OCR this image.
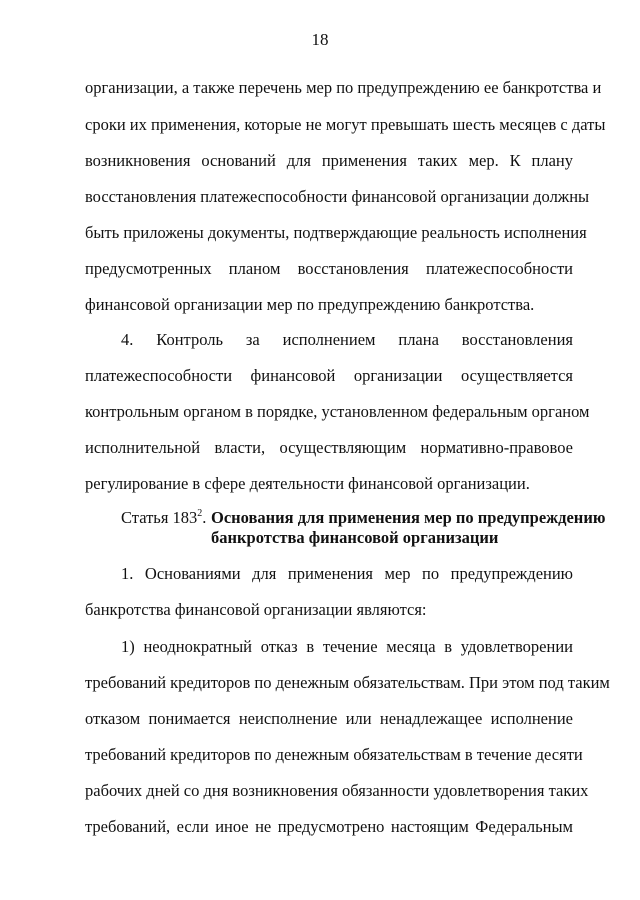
18
организации, а также перечень мер по предупреждению ее банкротства и
сроки их применения, которые не могут превышать шесть месяцев с даты
возникновения оснований для применения таких мер. К плану
восстановления платежеспособности финансовой организации должны
быть приложены документы, подтверждающие реальность исполнения
предусмотренных планом восстановления платежеспособности
финансовой организации мер по предупреждению банкротства.
4. Контроль за исполнением плана восстановления
платежеспособности финансовой организации осуществляется
контрольным органом в порядке, установленном федеральным органом
исполнительной власти, осуществляющим нормативно-правовое
регулирование в сфере деятельности финансовой организации.
Статья $183^2$. Основания для применения мер по предупреждению
банкротства финансовой организации
1. Основаниями для применения мер по предупреждению
банкротства финансовой организации являются:
1) неоднократный отказ в течение месяца в удовлетворении
требований кредиторов по денежным обязательствам. При этом под таким
отказом понимается неисполнение или ненадлежащее исполнение
требований кредиторов по денежным обязательствам в течение десяти
рабочих дней со дня возникновения обязанности удовлетворения таких
требований, если иное не предусмотрено настоящим Федеральным
